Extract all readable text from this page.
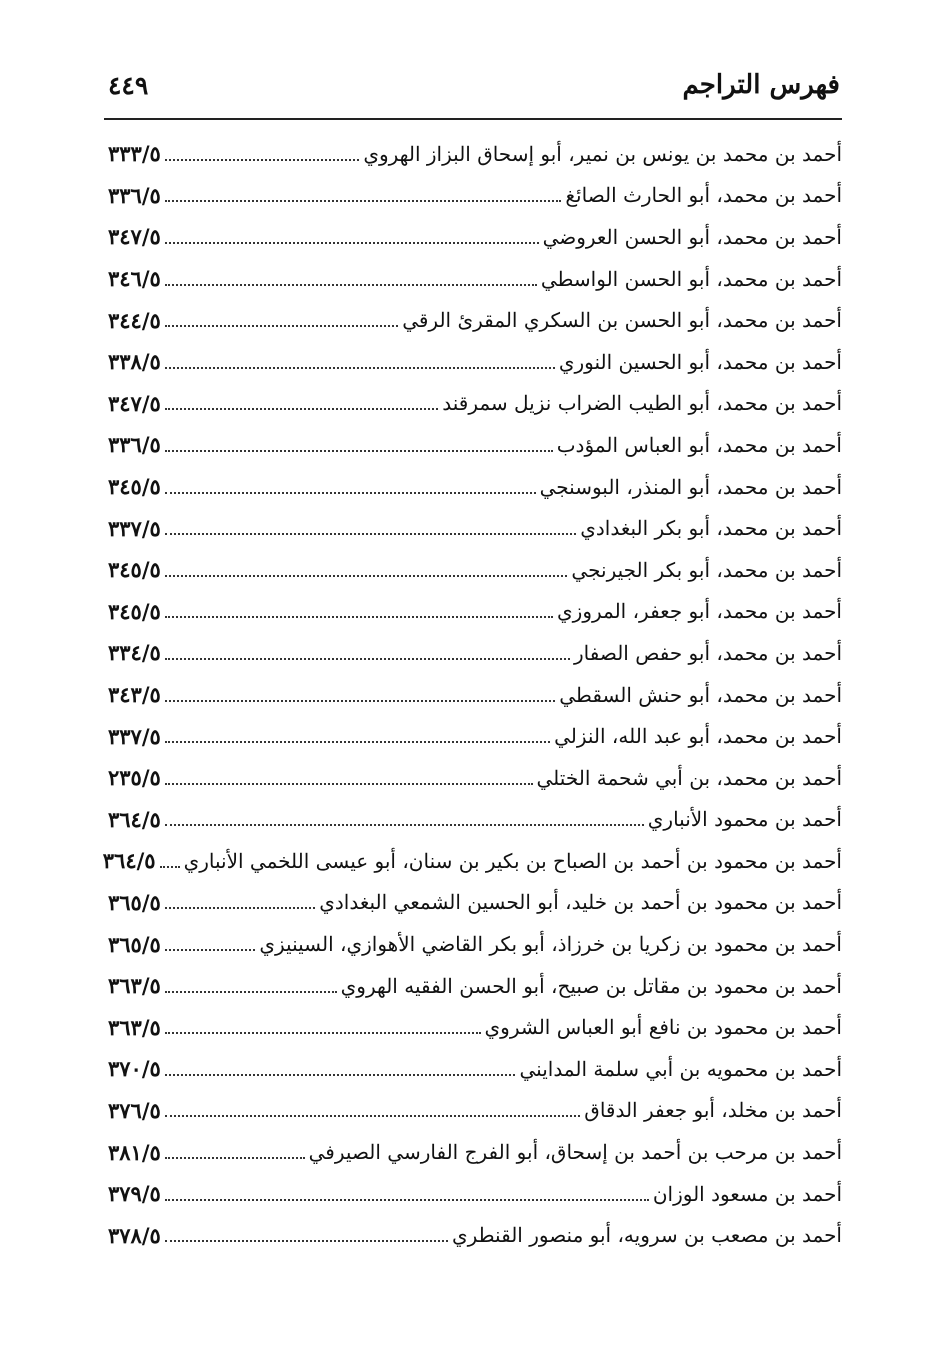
فهرس التراجم
٤٤٩
أحمد بن محمد بن يونس بن نمير، أبو إسحاق البزاز الهروي
٣٣٣/٥
أحمد بن محمد، أبو الحارث الصائغ
٣٣٦/٥
أحمد بن محمد، أبو الحسن العروضي
٣٤٧/٥
أحمد بن محمد، أبو الحسن الواسطي
٣٤٦/٥
أحمد بن محمد، أبو الحسن بن السكري المقرئ الرقي
٣٤٤/٥
أحمد بن محمد، أبو الحسين النوري
٣٣٨/٥
أحمد بن محمد، أبو الطيب الضراب نزيل سمرقند
٣٤٧/٥
أحمد بن محمد، أبو العباس المؤدب
٣٣٦/٥
أحمد بن محمد، أبو المنذر، البوسنجي
٣٤٥/٥
أحمد بن محمد، أبو بكر البغدادي
٣٣٧/٥
أحمد بن محمد، أبو بكر الجيرنجي
٣٤٥/٥
أحمد بن محمد، أبو جعفر، المروزي
٣٤٥/٥
أحمد بن محمد، أبو حفص الصفار
٣٣٤/٥
أحمد بن محمد، أبو حنش السقطي
٣٤٣/٥
أحمد بن محمد، أبو عبد الله، النزلي
٣٣٧/٥
أحمد بن محمد، بن أبي شحمة الختلي
٢٣٥/٥
أحمد بن محمود الأنباري
٣٦٤/٥
أحمد بن محمود بن أحمد بن الصباح بن بكير بن سنان، أبو عيسى اللخمي الأنباري
٣٦٤/٥
أحمد بن محمود بن أحمد بن خليد، أبو الحسين الشمعي البغدادي
٣٦٥/٥
أحمد بن محمود بن زكريا بن خرزاذ، أبو بكر القاضي الأهوازي، السينيزي
٣٦٥/٥
أحمد بن محمود بن مقاتل بن صبيح، أبو الحسن الفقيه الهروي
٣٦٣/٥
أحمد بن محمود بن نافع أبو العباس الشروي
٣٦٣/٥
أحمد بن محمويه بن أبي سلمة المدايني
٣٧٠/٥
أحمد بن مخلد، أبو جعفر الدقاق
٣٧٦/٥
أحمد بن مرحب بن أحمد بن إسحاق، أبو الفرج الفارسي الصيرفي
٣٨١/٥
أحمد بن مسعود الوزان
٣٧٩/٥
أحمد بن مصعب بن سرويه، أبو منصور القنطري
٣٧٨/٥
